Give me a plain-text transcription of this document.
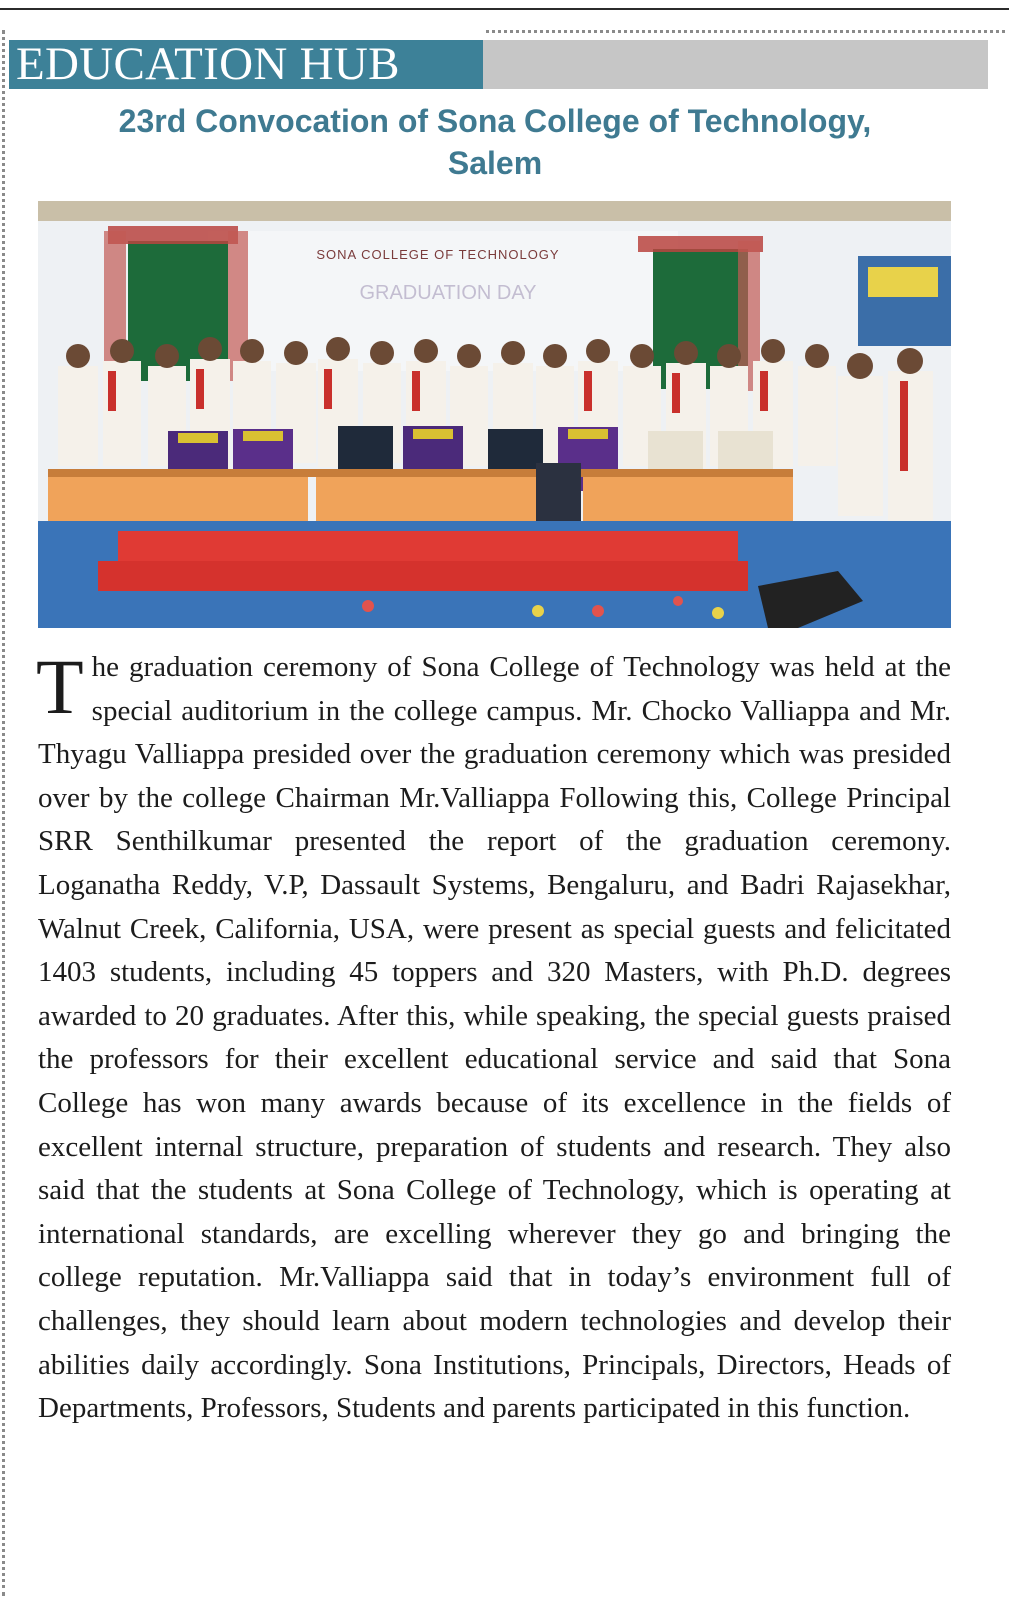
EDUCATION HUB
23rd Convocation of Sona College of Technology,
Salem
SONA COLLEGE OF TECHNOLOGY
GRADUATION DAY
The graduation ceremony of Sona College of Technology was held at the special auditorium in the college campus. Mr. Chocko Valliappa and Mr. Thyagu Valliappa presided over the graduation ceremony which was presided over by the college Chairman Mr.Valliappa Following this, College Principal SRR Senthilkumar presented the report of the graduation ceremony. Loganatha Reddy, V.P, Dassault Systems, Bengaluru, and Badri Rajasekhar, Walnut Creek, California, USA, were present as special guests and felicitated 1403 students, including 45 toppers and 320 Masters, with Ph.D. degrees awarded to 20 graduates. After this, while speaking, the special guests praised the professors for their excellent educational service and said that Sona College has won many awards because of its excellence in the fields of excellent internal structure, preparation of students and research. They also said that the students at Sona College of Technology, which is operating at international standards, are excelling wherever they go and bringing the college reputation. Mr.Valliappa said that in today’s environment full of challenges, they should learn about modern technologies and develop their abilities daily accordingly. Sona Institutions, Principals, Directors, Heads of Departments, Professors, Students and parents participated in this function.
